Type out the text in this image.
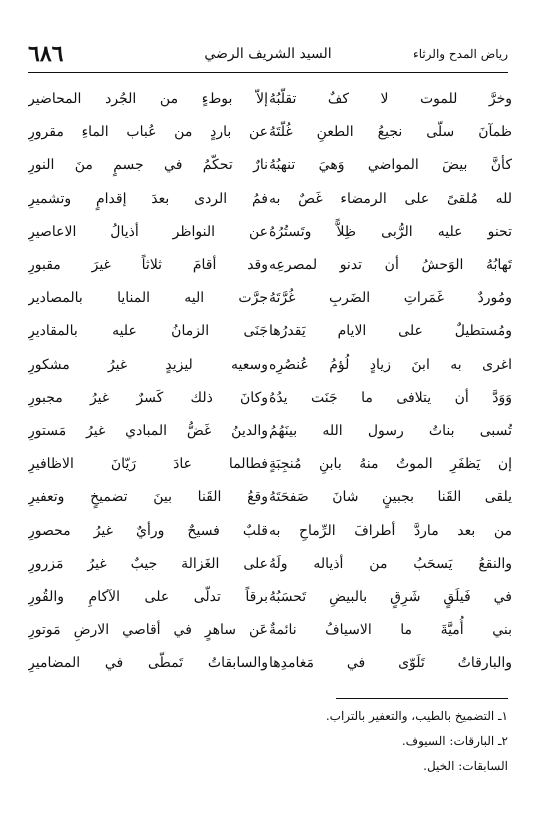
٦٨٦	السيد الشريف الرضي	رياض المدح والرثاء
وخرَّ للموت لا كفٌ تقلّبُهُ
إلاّ بوطءٍ من الجُرد المحاضير
ظمآنَ سلّى نجيعُ الطعنِ غُلّتَهُ
عن باردٍ من عُباب الماءِ مقرورِ
كأنَّ بيضَ المواضي وَهيَ تنهبُهُ
نارٌ تحكّمُ في جسمٍ منَ النورِ
لله مُلقىً على الرمضاء غَصٌ به
فمُ الردى بعدَ إقدامٍ وتشميرِ
تحنو عليه الرُّبى ظِلاًّ وتَستُرُهُ
عن النواظر أذيالُ الاعاصيرِ
تَهابُهُ الوَحشُ أن تدنو لمصرعِه
وقد أقامَ ثلاثاً غيرَ مقبورِ
ومُوردٌ غَمَراتِ الضَربِ غُرَّتَهُ
جرَّت اليه المنايا بالمصادير
ومُستطيلٌ على الايام يَقدرُها
جَنَى الزمانُ عليه بالمقاديرِ
اغرى به ابنَ زيادٍ لُؤمُ عُنصُرِه
وسعيه ليزيدٍ غيرُ مشكورِ
وَوَدَّ أن يتلافى ما جَنَت يدُهُ
وكانَ ذلك كَسرٌ غيرُ مجبورِ
تُسبى بناتُ رسول الله بينَهُمُ
والدينُ غَضُّ المبادي غيرُ مَستورِ
إن يَظفَرِ الموتُ منهُ بابنِ مُنجِبَةٍ
فطالما عادَ رَيّانَ الاظافيرِ
يلقى القَنا بجبينٍ شانَ صَفحَتَهُ
وقعُ القَنا بينَ تضميخٍ وتعفيرِ
من بعد ماردَّ أطرافَ الرِّماحِ به
قلبٌ فسيحٌ ورأيٌ غيرُ محصورِ
والنقعُ يَسحَبُ من أذياله ولَهُ
على الغَزالة جيبٌ غيرُ مَزرورِ
في فَيلَقٍ شَرِقٍ بالبيضِ تَحسَبُهُ
برقاً تدلّى على الآكامِ والقُورِ
بني أُميَّةَ ما الاسيافُ نائمةٌ
عَن ساهرٍ في أقاصي الارضِ مَوتورِ
والبارقاتُ تَلَوّى في مَغامدِها
والسابقاتُ تَمطّى في المضاميرِ
١ـ التضميخ بالطيب، والتعفير بالتراب.
٢ـ البارقات: السيوف.
السابقات: الخيل.
